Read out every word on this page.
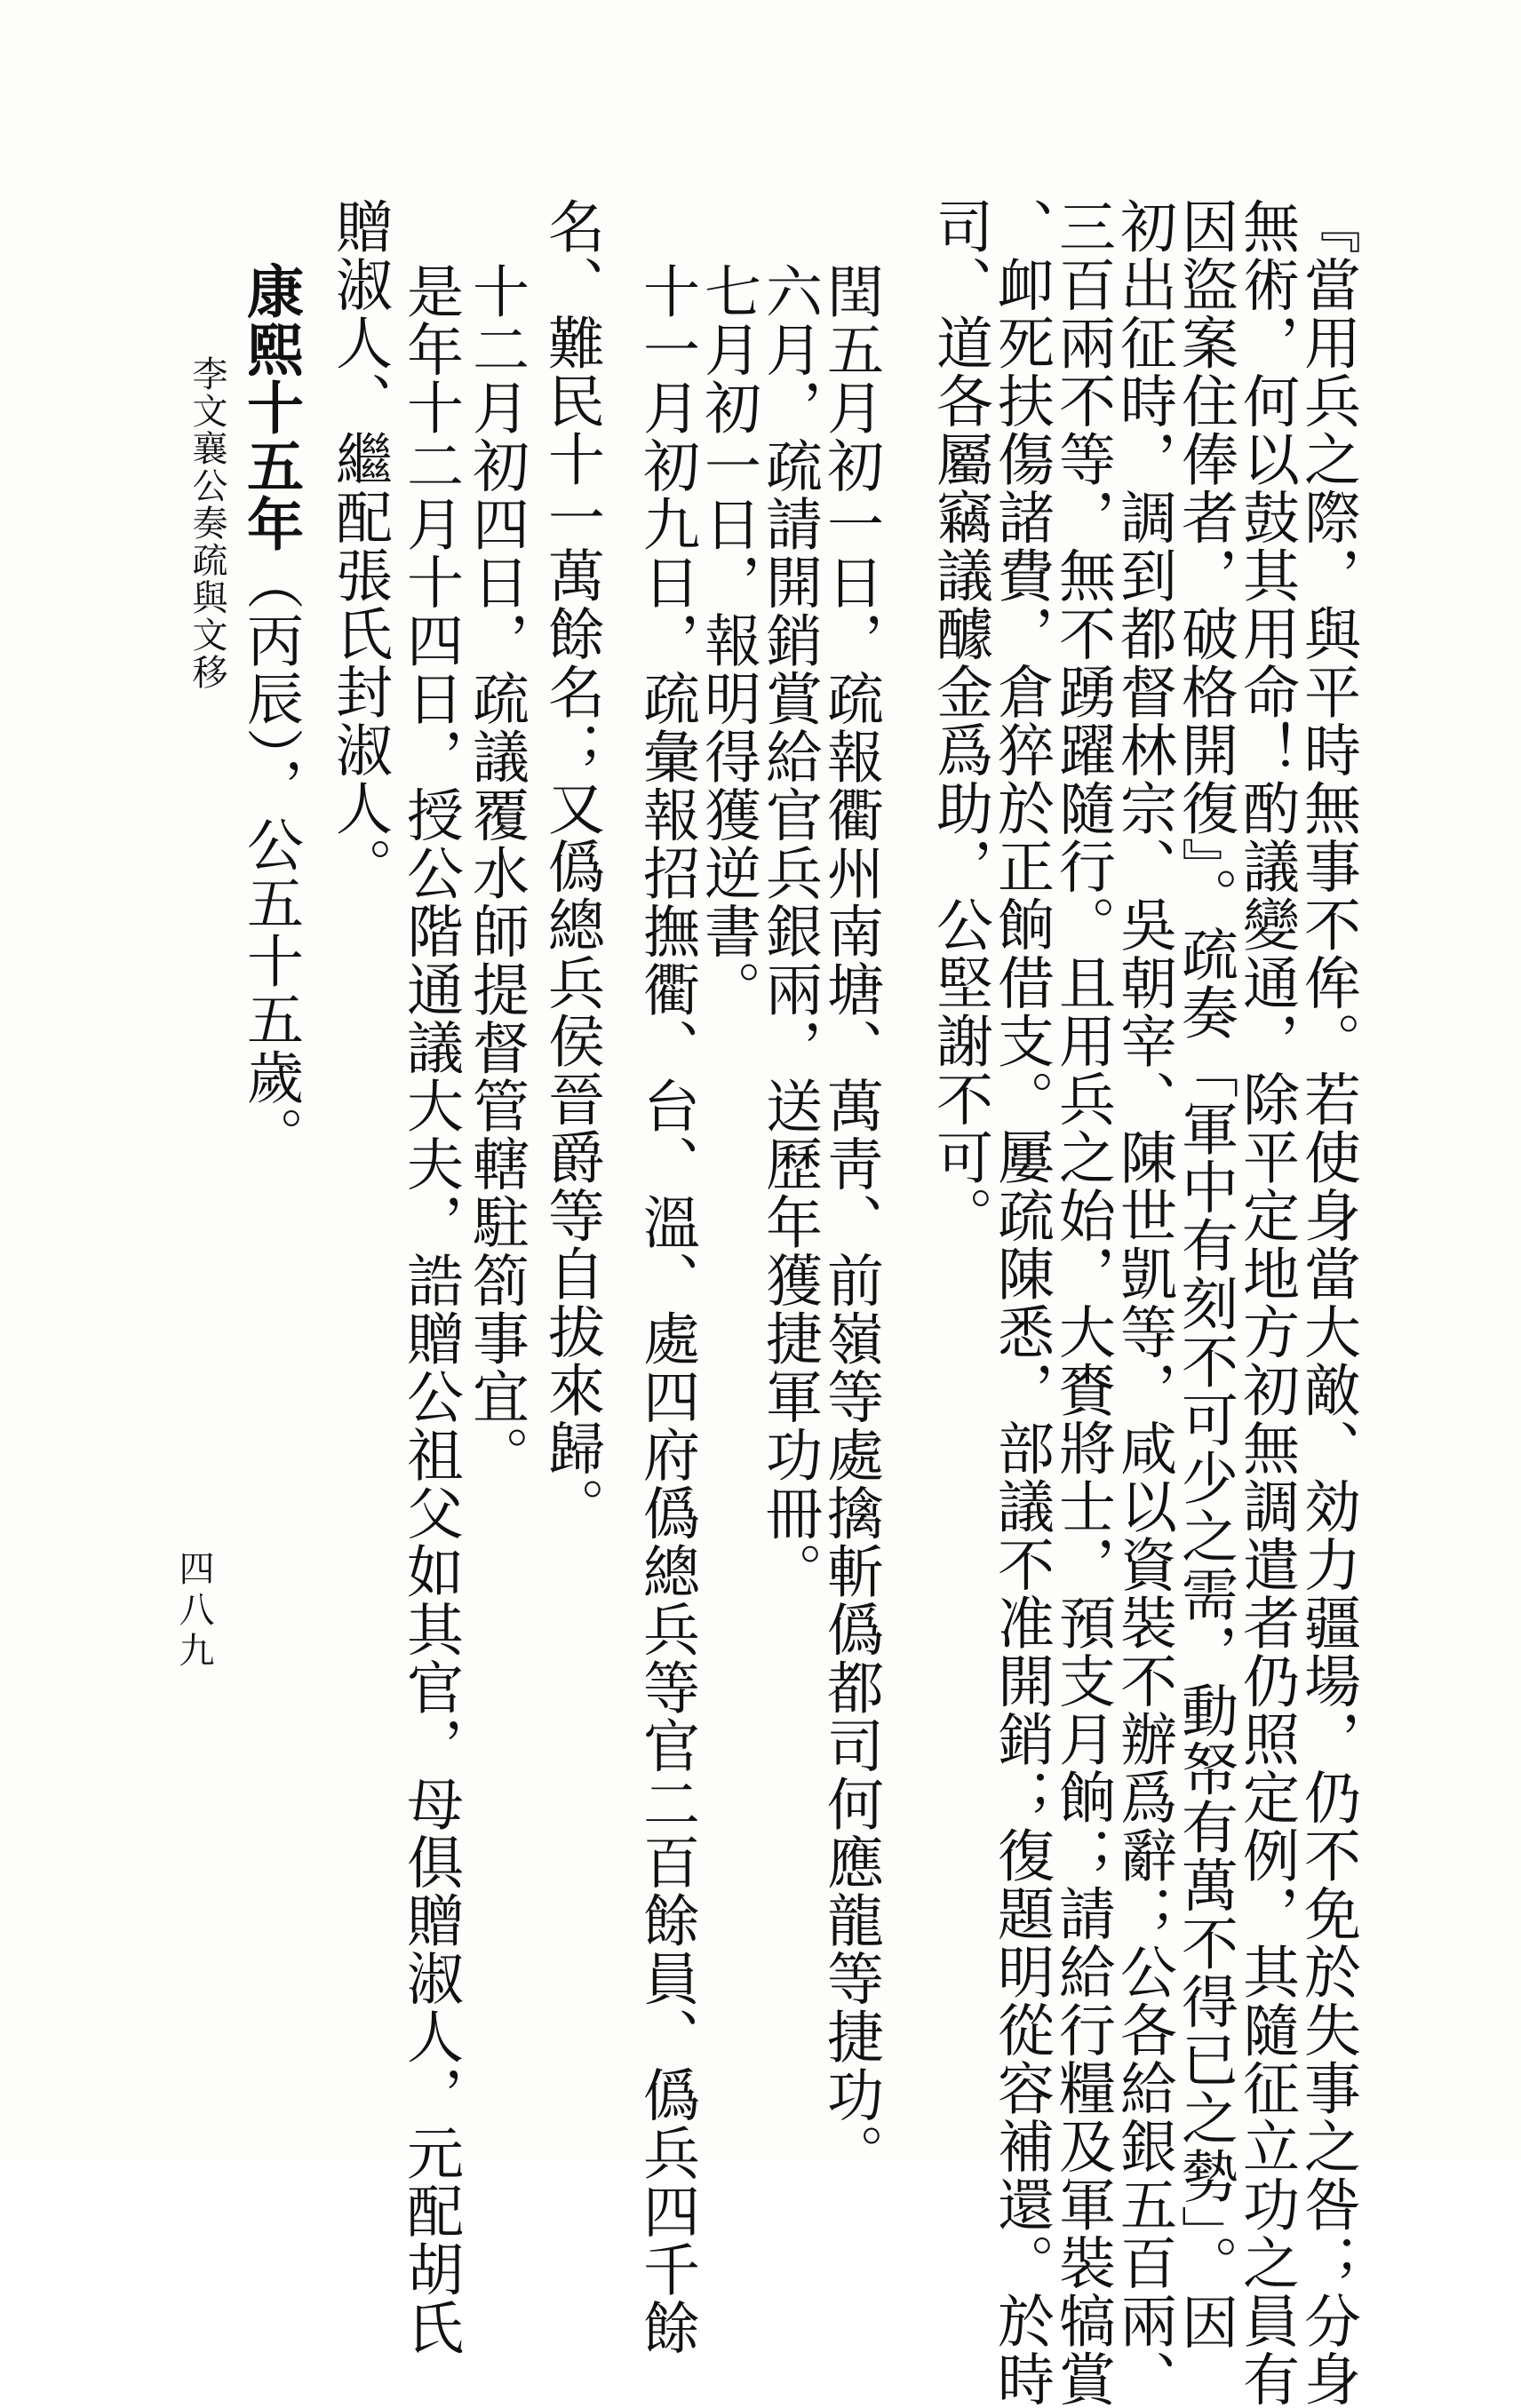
李文襄公奏疏與文移
四八九	『當用兵之際，與平時無事不侔。若使身當大敵、効力疆場，仍不免於失事之咎；分身
無術，何以鼓其用命！酌議變通，除平定地方初無調遣者仍照定例，其隨征立功之員有
因盜案住俸者，破格開復』。疏奏「軍中有刻不可少之需，動帑有萬不得已之勢」。因
初出征時，調到都督林宗、吳朝宰、陳世凱等，咸以資裝不辦爲辭；公各給銀五百兩、
三百兩不等，無不踴躍隨行。且用兵之始，大賚將士，預支月餉；請給行糧及軍裝犒賞
、卹死扶傷諸費，倉猝於正餉借支。屢疏陳悉，部議不准開銷；復題明從容補還。於時
司、道各屬竊議醵金爲助，公堅謝不可。
閏五月初一日，疏報衢州南塘、萬靑、前嶺等處擒斬僞都司何應龍等捷功。
六月，疏請開銷賞給官兵銀兩，送歷年獲捷軍功冊。
七月初一日，報明得獲逆書。
十一月初九日，疏彙報招撫衢、台、溫、處四府僞總兵等官二百餘員、僞兵四千餘
名、難民十一萬餘名；又僞總兵侯晉爵等自拔來歸。
十二月初四日，疏議覆水師提督管轄駐箚事宜。
是年十二月十四日，授公階通議大夫，誥贈公祖父如其官，母俱贈淑人，元配胡氏
贈淑人、繼配張氏封淑人。
康熙十五年（丙辰），公五十五歲。
